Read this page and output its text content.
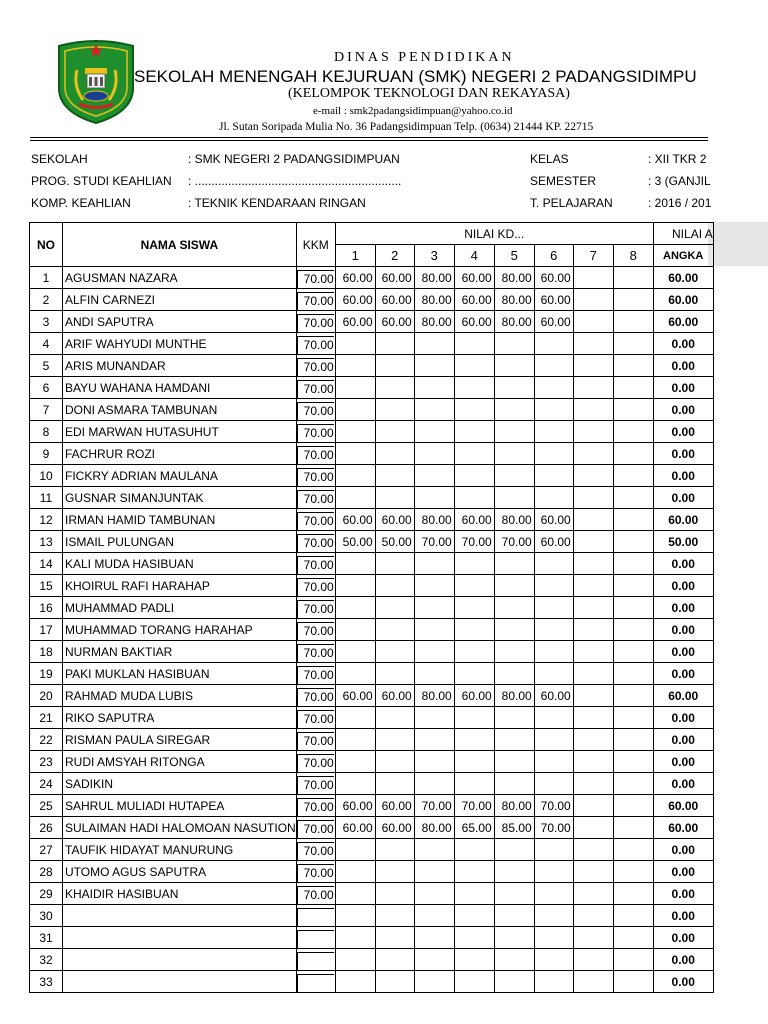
DINAS PENDIDIKAN
SEKOLAH MENENGAH KEJURUAN (SMK) NEGERI 2 PADANGSIDIMPU
(KELOMPOK TEKNOLOGI DAN REKAYASA)
e-mail : smk2padangsidimpuan@yahoo.co.id
Jl. Sutan Soripada Mulia No. 36 Padangsidimpuan Telp. (0634) 21444 KP. 22715
SEKOLAH	: SMK NEGERI 2 PADANGSIDIMPUAN
PROG. STUDI KEAHLIAN : ..............................................................
KOMP. KEAHLIAN	: TEKNIK KENDARAAN RINGAN
KELAS	: XII TKR 2
SEMESTER	: 3 (GANJIL
T. PELAJARAN	: 2016 / 201
NO	NAMA SISWA	KKM	NILAI KD...								NILAI A
			1	2	3	4	5	6	7	8	ANGKA
1	AGUSMAN NAZARA	70.00	60.00	60.00	80.00	60.00	80.00	60.00			60.00
2	ALFIN CARNEZI	70.00	60.00	60.00	80.00	60.00	80.00	60.00			60.00
3	ANDI SAPUTRA	70.00	60.00	60.00	80.00	60.00	80.00	60.00			60.00
4	ARIF WAHYUDI MUNTHE	70.00									0.00
5	ARIS MUNANDAR	70.00									0.00
6	BAYU WAHANA HAMDANI	70.00									0.00
7	DONI ASMARA TAMBUNAN	70.00									0.00
8	EDI MARWAN HUTASUHUT	70.00									0.00
9	FACHRUR ROZI	70.00									0.00
10	FICKRY ADRIAN MAULANA	70.00									0.00
11	GUSNAR SIMANJUNTAK	70.00									0.00
12	IRMAN HAMID TAMBUNAN	70.00	60.00	60.00	80.00	60.00	80.00	60.00			60.00
13	ISMAIL PULUNGAN	70.00	50.00	50.00	70.00	70.00	70.00	60.00			50.00
14	KALI MUDA HASIBUAN	70.00									0.00
15	KHOIRUL RAFI HARAHAP	70.00									0.00
16	MUHAMMAD PADLI	70.00									0.00
17	MUHAMMAD TORANG HARAHAP	70.00									0.00
18	NURMAN BAKTIAR	70.00									0.00
19	PAKI MUKLAN HASIBUAN	70.00									0.00
20	RAHMAD MUDA LUBIS	70.00	60.00	60.00	80.00	60.00	80.00	60.00			60.00
21	RIKO SAPUTRA	70.00									0.00
22	RISMAN PAULA SIREGAR	70.00									0.00
23	RUDI AMSYAH RITONGA	70.00									0.00
24	SADIKIN	70.00									0.00
25	SAHRUL MULIADI HUTAPEA	70.00	60.00	60.00	70.00	70.00	80.00	70.00			60.00
26	SULAIMAN HADI HALOMOAN NASUTION	70.00	60.00	60.00	80.00	65.00	85.00	70.00			60.00
27	TAUFIK HIDAYAT MANURUNG	70.00									0.00
28	UTOMO AGUS SAPUTRA	70.00									0.00
29	KHAIDIR HASIBUAN	70.00									0.00
30											0.00
31											0.00
32											0.00
33											0.00
